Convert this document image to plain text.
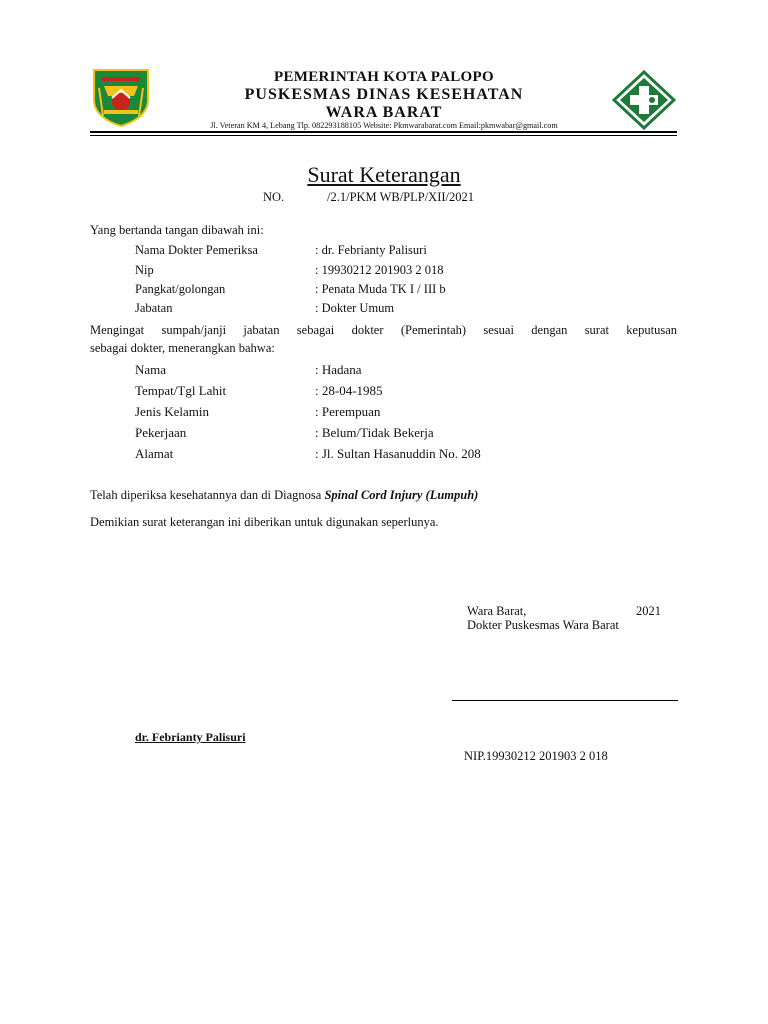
PEMERINTAH KOTA PALOPO
PUSKESMAS DINAS KESEHATAN
WARA BARAT
Jl. Veteran KM 4, Lebang Tlp. 082293188105 Website: Pkmwarabarat.com Email:pkmwabar@gmail.com
Surat Keterangan
NO.	/2.1/PKM WB/PLP/XII/2021
Yang bertanda tangan dibawah ini:
Nama Dokter Pemeriksa	: dr. Febrianty Palisuri
Nip	: 19930212 201903 2 018
Pangkat/golongan	: Penata Muda TK I / III b
Jabatan	: Dokter Umum
Mengingat sumpah/janji jabatan sebagai dokter (Pemerintah) sesuai dengan surat keputusan
sebagai dokter, menerangkan bahwa:
Nama	: Hadana
Tempat/Tgl Lahit	: 28-04-1985
Jenis Kelamin	: Perempuan
Pekerjaan	: Belum/Tidak Bekerja
Alamat	: Jl. Sultan Hasanuddin No. 208
Telah diperiksa kesehatannya dan di Diagnosa Spinal Cord Injury (Lumpuh)
Demikian surat keterangan ini diberikan untuk digunakan seperlunya.
Wara Barat,	2021
Dokter Puskesmas Wara Barat
dr. Febrianty Palisuri
NIP.19930212 201903 2 018
